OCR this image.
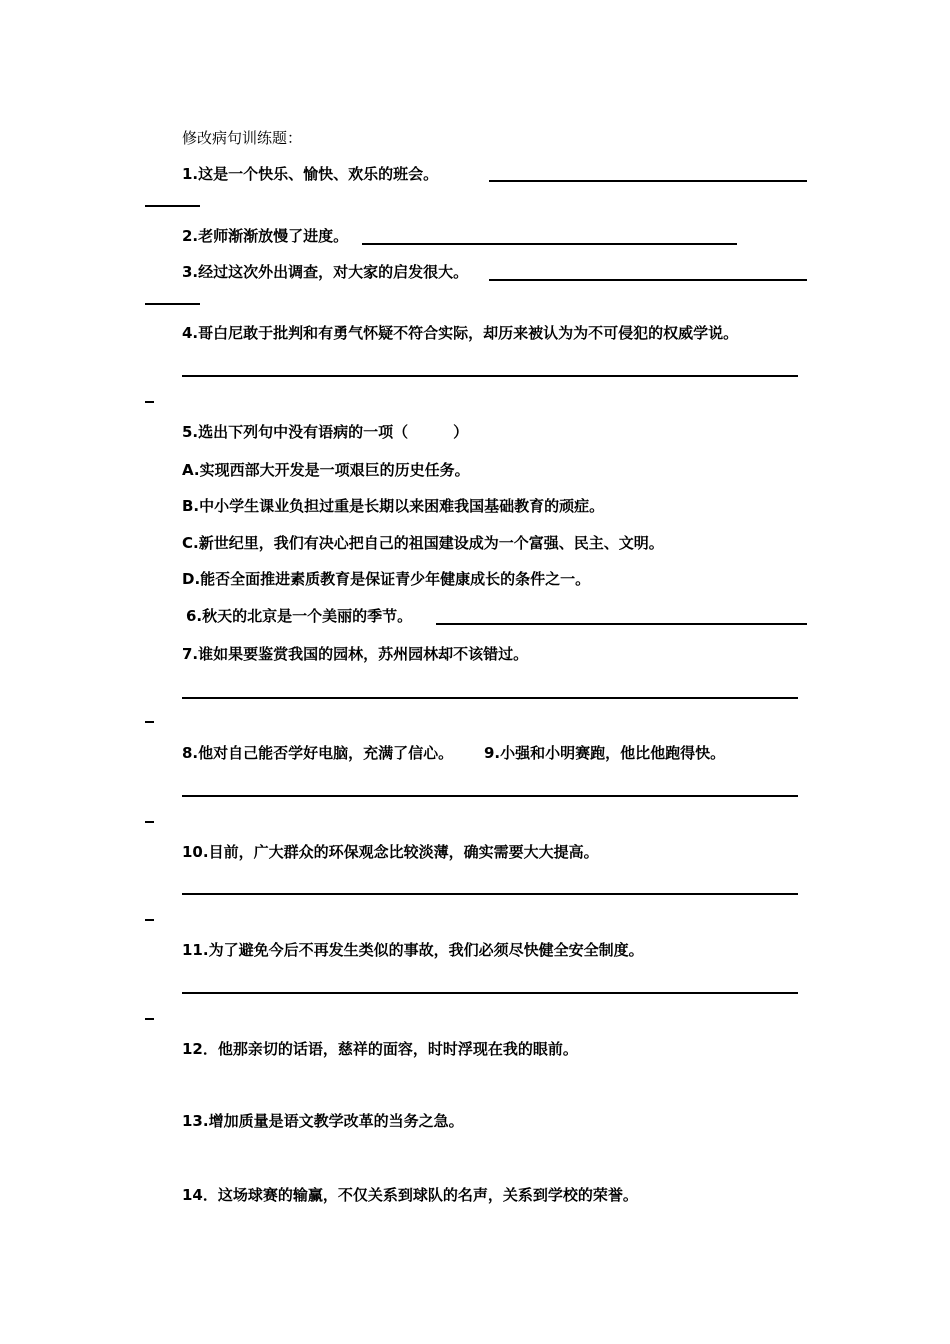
修改病句训练题：
1.这是一个快乐、愉快、欢乐的班会。
2.老师渐渐放慢了进度。
3.经过这次外出调查，对大家的启发很大。
4.哥白尼敢于批判和有勇气怀疑不符合实际，却历来被认为为不可侵犯的权威学说。
5.选出下列句中没有语病的一项（　　　）
A.实现西部大开发是一项艰巨的历史任务。
B.中小学生课业负担过重是长期以来困难我国基础教育的顽症。
C.新世纪里，我们有决心把自己的祖国建设成为一个富强、民主、文明。
D.能否全面推进素质教育是保证青少年健康成长的条件之一。
6.秋天的北京是一个美丽的季节。
7.谁如果要鉴赏我国的园林，苏州园林却不该错过。
8.他对自己能否学好电脑，充满了信心。 9.小强和小明赛跑，他比他跑得快。
10.目前，广大群众的环保观念比较淡薄，确实需要大大提高。
11.为了避免今后不再发生类似的事故，我们必须尽快健全安全制度。
12．他那亲切的话语，慈祥的面容，时时浮现在我的眼前。
13.增加质量是语文教学改革的当务之急。
14．这场球赛的输赢，不仅关系到球队的名声，关系到学校的荣誉。
